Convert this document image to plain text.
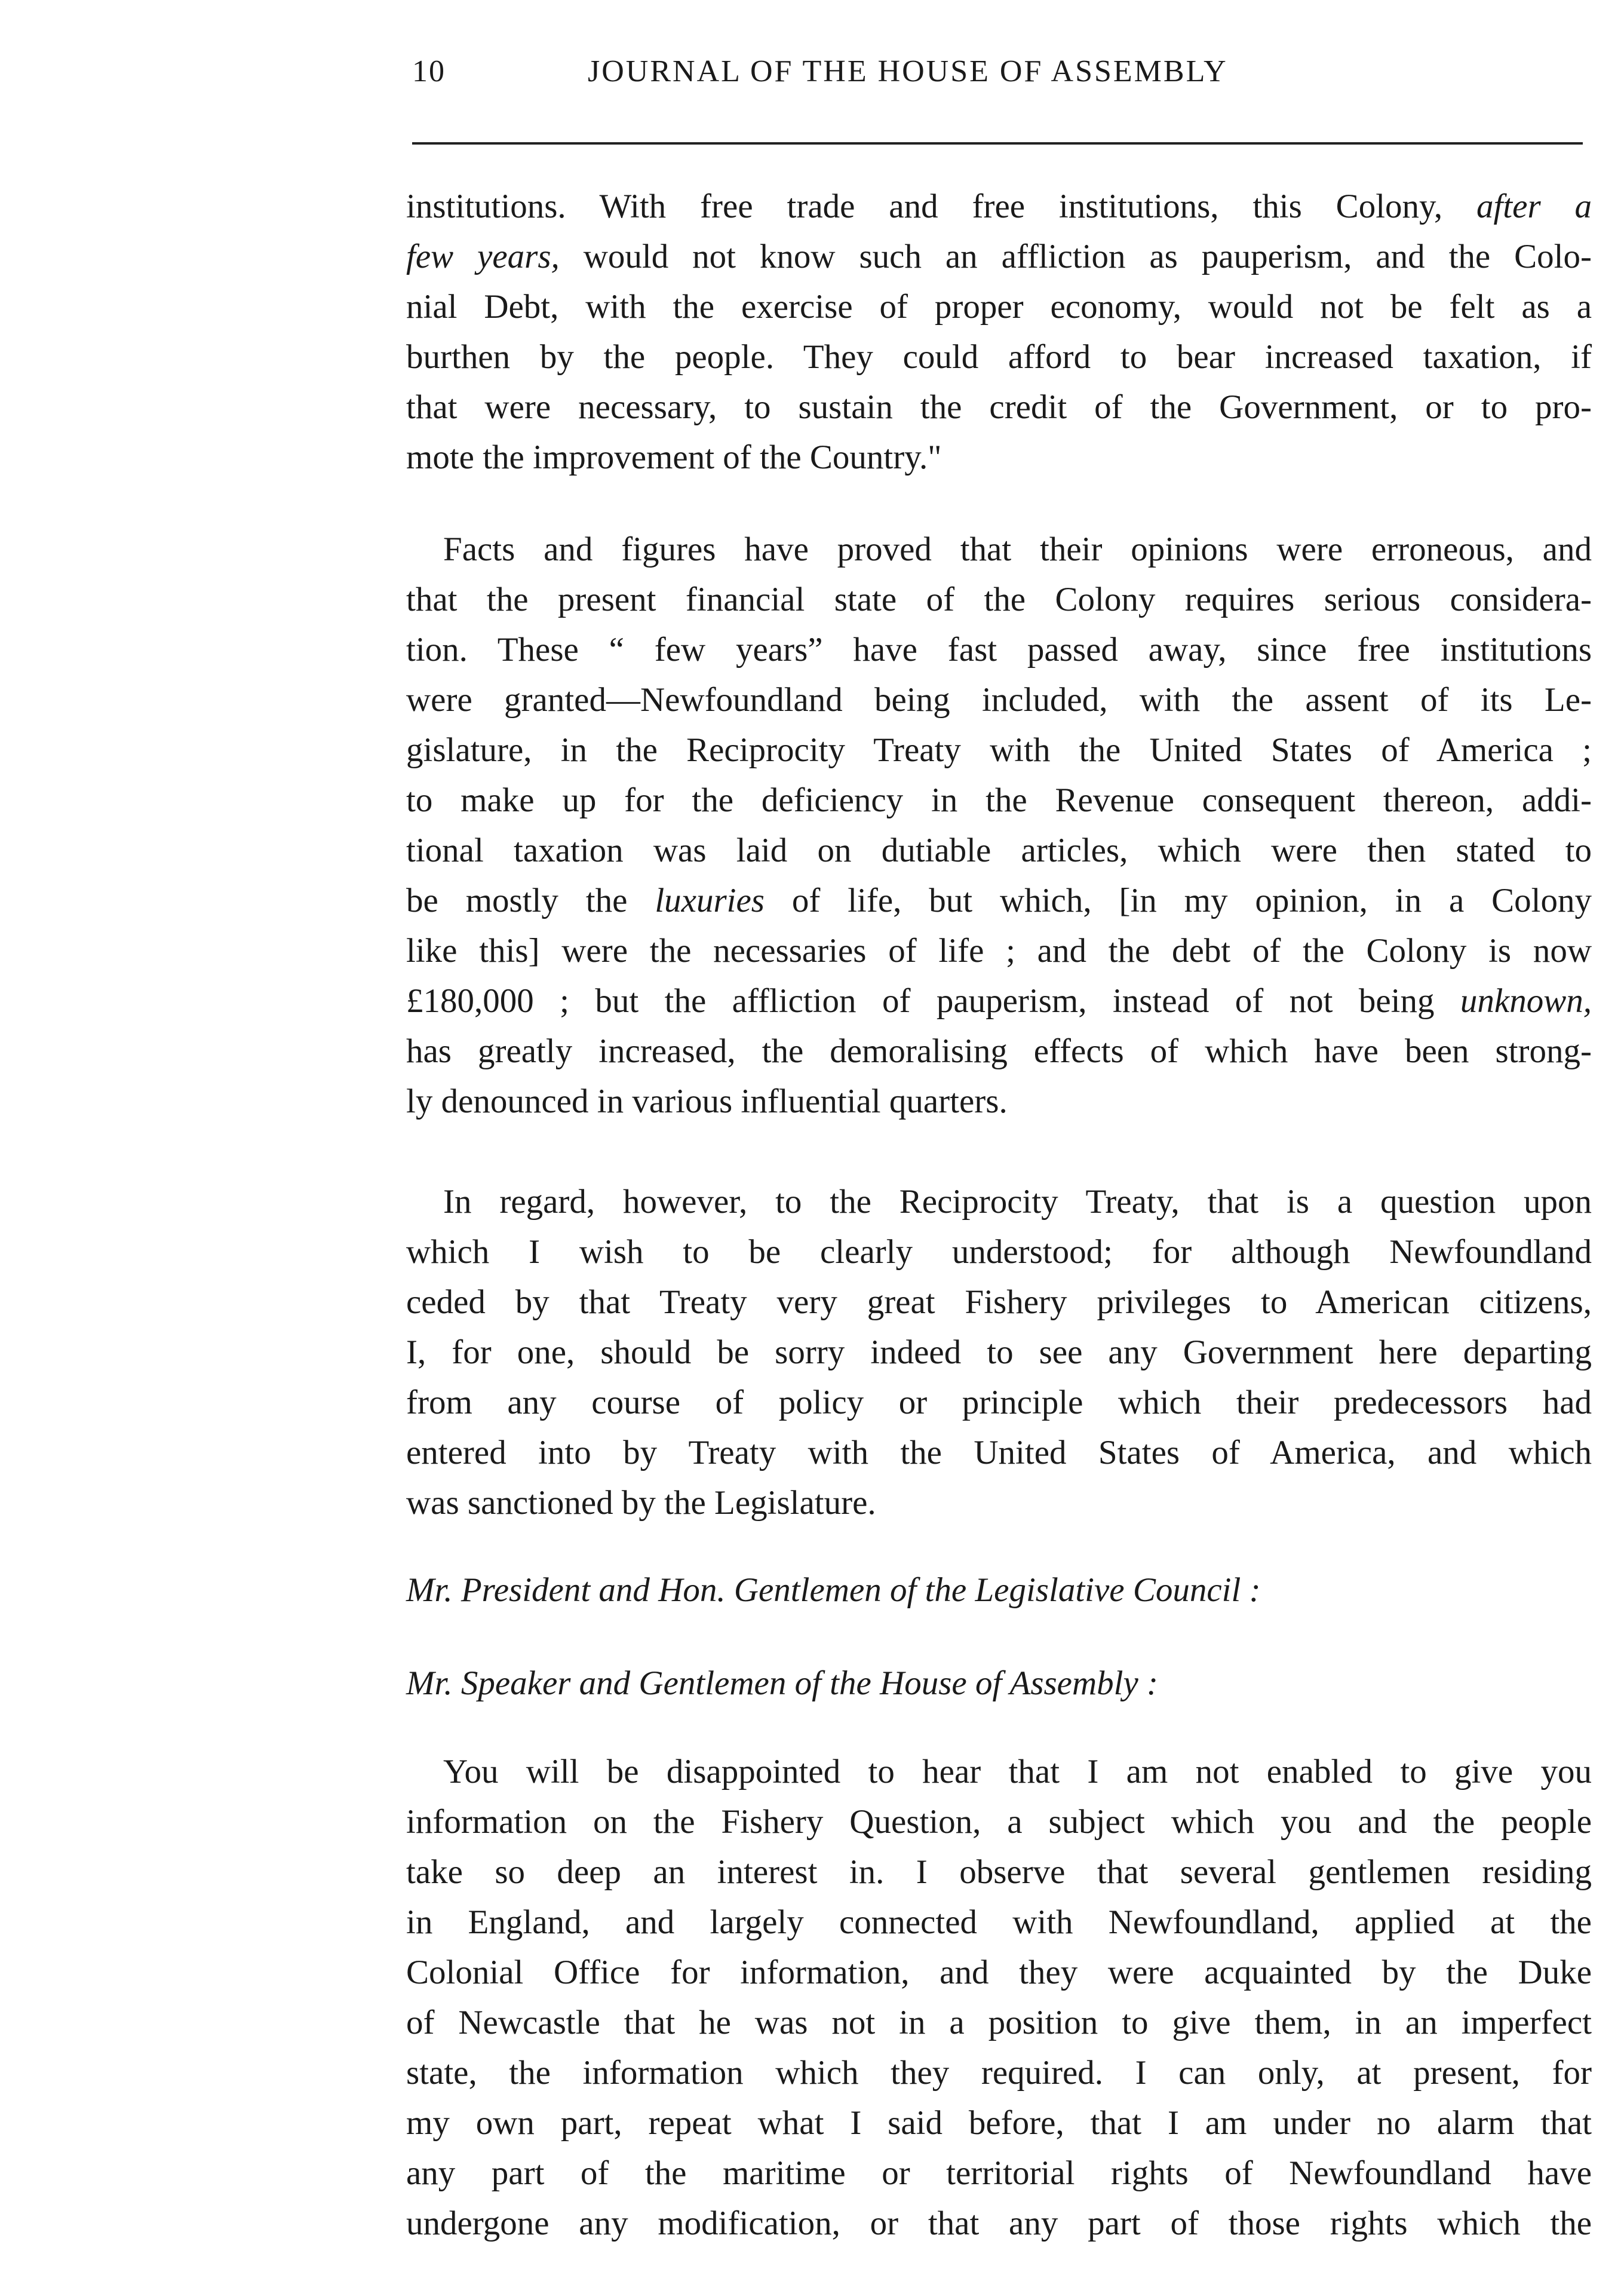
10	JOURNAL OF THE HOUSE OF ASSEMBLY
institutions. With free trade and free institutions, this Colony, after a
few years, would not know such an affliction as pauperism, and the Colo-
nial Debt, with the exercise of proper economy, would not be felt as a
burthen by the people. They could afford to bear increased taxation, if
that were necessary, to sustain the credit of the Government, or to pro-
mote the improvement of the Country."
Facts and figures have proved that their opinions were erroneous, and
that the present financial state of the Colony requires serious considera-
tion. These “ few years” have fast passed away, since free institutions
were granted—Newfoundland being included, with the assent of its Le-
gislature, in the Reciprocity Treaty with the United States of America ;
to make up for the deficiency in the Revenue consequent thereon, addi-
tional taxation was laid on dutiable articles, which were then stated to
be mostly the luxuries of life, but which, [in my opinion, in a Colony
like this] were the necessaries of life ; and the debt of the Colony is now
£180,000 ; but the affliction of pauperism, instead of not being unknown,
has greatly increased, the demoralising effects of which have been strong-
ly denounced in various influential quarters.
In regard, however, to the Reciprocity Treaty, that is a question upon
which I wish to be clearly understood; for although Newfoundland
ceded by that Treaty very great Fishery privileges to American citizens,
I, for one, should be sorry indeed to see any Government here departing
from any course of policy or principle which their predecessors had
entered into by Treaty with the United States of America, and which
was sanctioned by the Legislature.
Mr. President and Hon. Gentlemen of the Legislative Council :
Mr. Speaker and Gentlemen of the House of Assembly :
You will be disappointed to hear that I am not enabled to give you
information on the Fishery Question, a subject which you and the people
take so deep an interest in. I observe that several gentlemen residing
in England, and largely connected with Newfoundland, applied at the
Colonial Office for information, and they were acquainted by the Duke
of Newcastle that he was not in a position to give them, in an imperfect
state, the information which they required. I can only, at present, for
my own part, repeat what I said before, that I am under no alarm that
any part of the maritime or territorial rights of Newfoundland have
undergone any modification, or that any part of those rights which the
